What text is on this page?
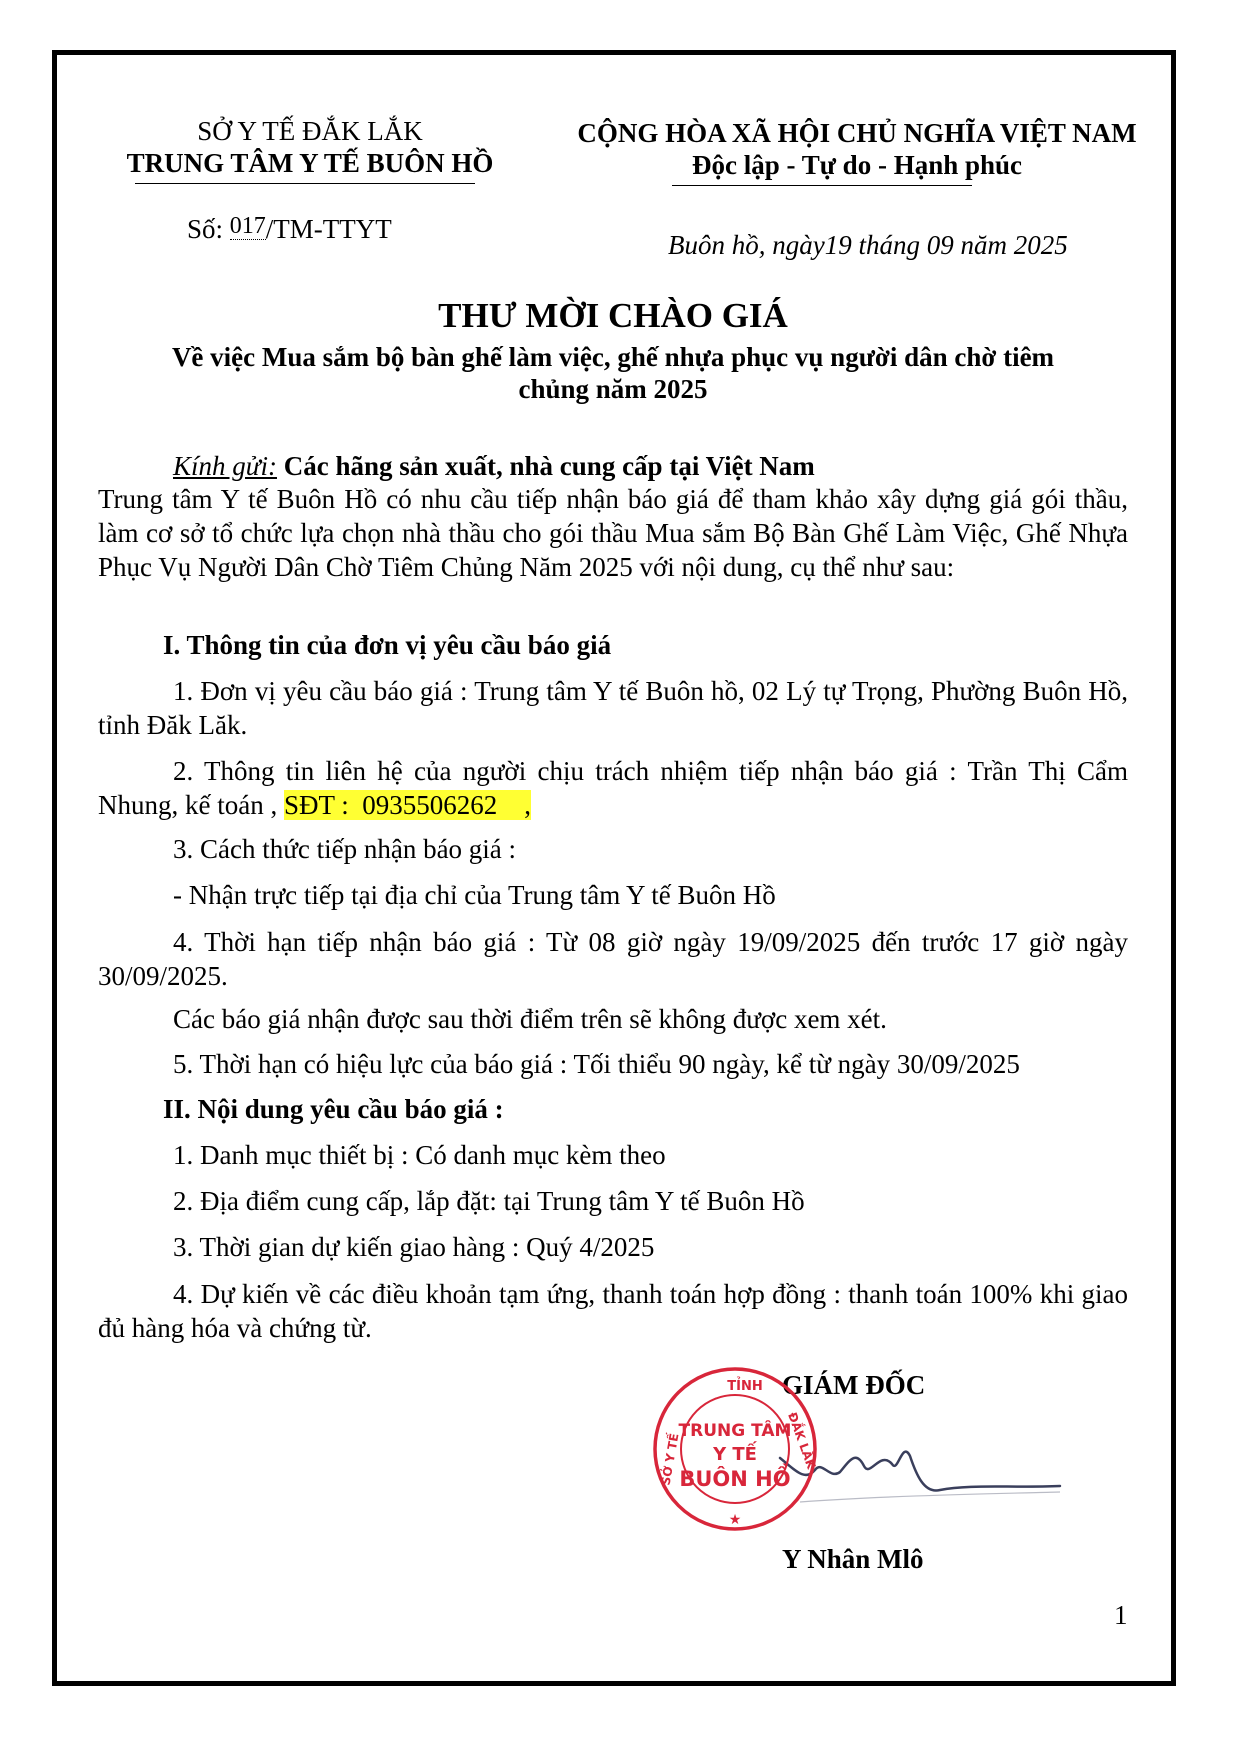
SỞ Y TẾ ĐẮK LẮK
TRUNG TÂM Y TẾ BUÔN HỒ
Số: 017/TM-TTYT
CỘNG HÒA XÃ HỘI CHỦ NGHĨA VIỆT NAM
Độc lập - Tự do - Hạnh phúc
Buôn hồ, ngày19 tháng 09 năm 2025
THƯ MỜI CHÀO GIÁ
Về việc Mua sắm bộ bàn ghế làm việc, ghế nhựa phục vụ người dân chờ tiêm
chủng năm 2025
Kính gửi: Các hãng sản xuất, nhà cung cấp tại Việt Nam
Trung tâm Y tế Buôn Hồ có nhu cầu tiếp nhận báo giá để tham khảo xây dựng giá gói thầu, làm cơ sở tổ chức lựa chọn nhà thầu cho gói thầu Mua sắm Bộ Bàn Ghế Làm Việc, Ghế Nhựa Phục Vụ Người Dân Chờ Tiêm Chủng Năm 2025 với nội dung, cụ thể như sau:
I. Thông tin của đơn vị yêu cầu báo giá
1. Đơn vị yêu cầu báo giá : Trung tâm Y tế Buôn hồ, 02 Lý tự Trọng, Phường Buôn Hồ, tỉnh Đăk Lăk.
2. Thông tin liên hệ của người chịu trách nhiệm tiếp nhận báo giá : Trần Thị Cẩm Nhung, kế toán , SĐT :  0935506262    ,
3. Cách thức tiếp nhận báo giá :
- Nhận trực tiếp tại địa chỉ của Trung tâm Y tế Buôn Hồ
4. Thời hạn tiếp nhận báo giá : Từ 08 giờ ngày 19/09/2025 đến trước 17 giờ ngày 30/09/2025.
Các báo giá nhận được sau thời điểm trên sẽ không được xem xét.
5. Thời hạn có hiệu lực của báo giá : Tối thiểu 90 ngày, kể từ ngày 30/09/2025
II. Nội dung yêu cầu báo giá :
1. Danh mục thiết bị : Có danh mục kèm theo
2. Địa điểm cung cấp, lắp đặt: tại Trung tâm Y tế Buôn Hồ
3. Thời gian dự kiến giao hàng : Quý 4/2025
4. Dự kiến về các điều khoản tạm ứng, thanh toán hợp đồng : thanh toán 100% khi giao đủ hàng hóa và chứng từ.
GIÁM ĐỐC
TRUNG TÂM
Y TẾ
BUÔN HỒ
TỈNH
SỞ Y TẾ	ĐẮK LẮK
★
Y Nhân Mlô
1
